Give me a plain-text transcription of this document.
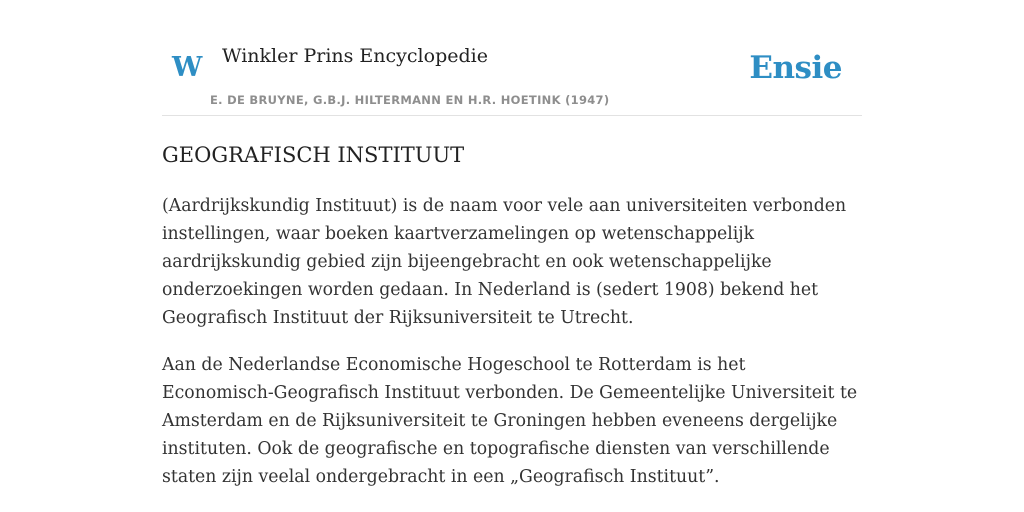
W Winkler Prins Encyclopedie
E. DE BRUYNE, G.B.J. HILTERMANN EN H.R. HOETINK (1947)
Ensie
GEOGRAFISCH INSTITUUT

(Aardrijkskundig Instituut) is de naam voor vele aan universiteiten verbonden instellingen, waar boeken kaartverzamelingen op wetenschappelijk aardrijkskundig gebied zijn bijeengebracht en ook wetenschappelijke onderzoekingen worden gedaan. In Nederland is (sedert 1908) bekend het Geografisch Instituut der Rijksuniversiteit te Utrecht.

Aan de Nederlandse Economische Hogeschool te Rotterdam is het Economisch-Geografisch Instituut verbonden. De Gemeentelijke Universiteit te Amsterdam en de Rijksuniversiteit te Groningen hebben eveneens dergelijke instituten. Ook de geografische en topografische diensten van verschillende staten zijn veelal ondergebracht in een „Geografisch Instituut”.
